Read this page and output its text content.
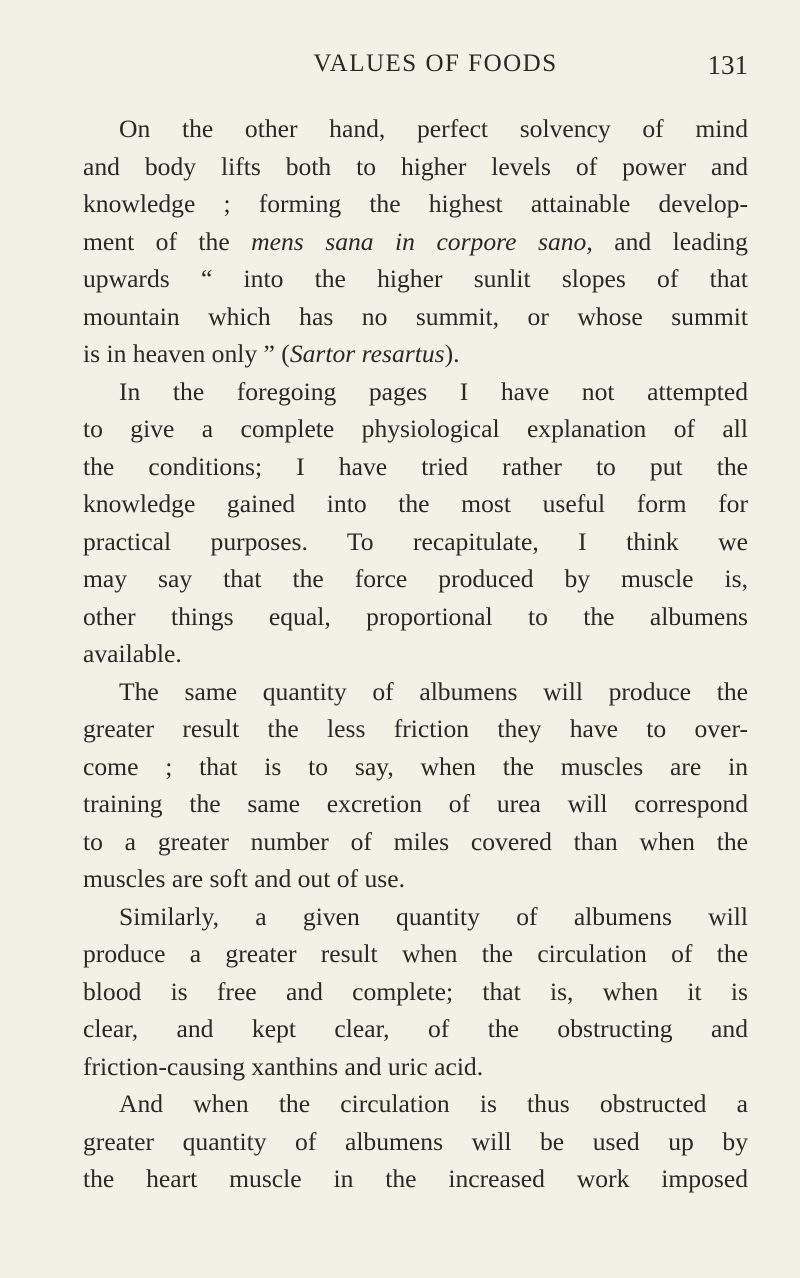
VALUES OF FOODS	131
On the other hand, perfect solvency of mind
and body lifts both to higher levels of power and
knowledge ; forming the highest attainable develop-
ment of the mens sana in corpore sano, and leading
upwards “ into the higher sunlit slopes of that
mountain which has no summit, or whose summit
is in heaven only ” (Sartor resartus).
In the foregoing pages I have not attempted
to give a complete physiological explanation of all
the conditions; I have tried rather to put the
knowledge gained into the most useful form for
practical purposes. To recapitulate, I think we
may say that the force produced by muscle is,
other things equal, proportional to the albumens
available.
The same quantity of albumens will produce the
greater result the less friction they have to over-
come ; that is to say, when the muscles are in
training the same excretion of urea will correspond
to a greater number of miles covered than when the
muscles are soft and out of use.
Similarly, a given quantity of albumens will
produce a greater result when the circulation of the
blood is free and complete; that is, when it is
clear, and kept clear, of the obstructing and
friction-causing xanthins and uric acid.
And when the circulation is thus obstructed a
greater quantity of albumens will be used up by
the heart muscle in the increased work imposed
